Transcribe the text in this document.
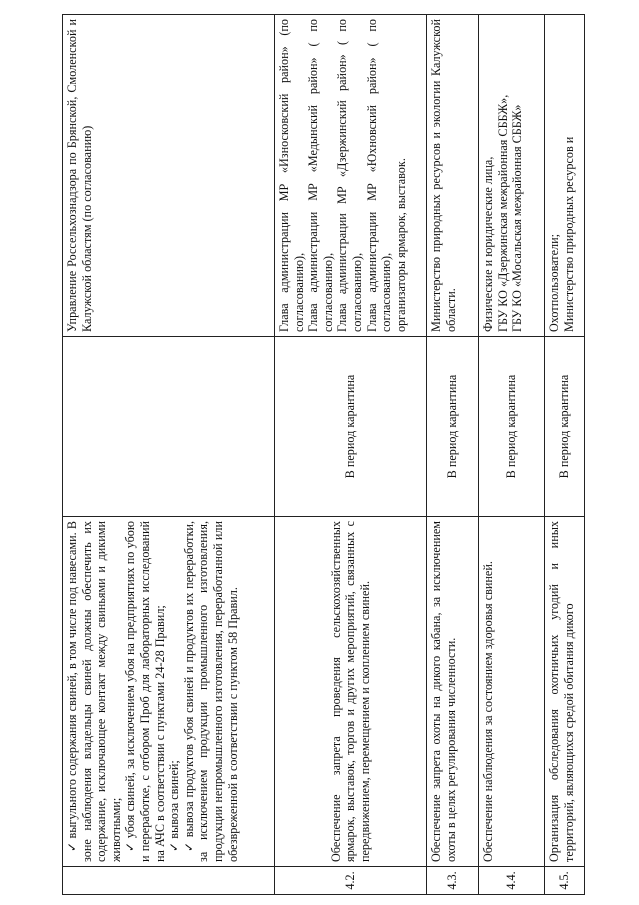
	✓ выгульного содержания свиней, в том числе под навесами. В зоне наблюдения владельцы свиней должны обеспечить их содержание, исключающее контакт между свиньями и дикими животными; ✓ убоя свиней, за исключением убоя на предприятиях по убою и переработке, с отбором Проб для лабораторных исследований на АЧС в соответствии с пунктами 24-28 Правил; ✓ вывоза свиней; ✓ вывоза продуктов убоя свиней и продуктов их переработки, за исключением продукции промышленного изготовления, продукции непромышленного изготовления, переработанной или обезвреженной в соответствии с пунктом 58 Правил.		Управление Россельхознадзора по Брянской, Смоленской и Калужской областям (по согласованию)
4.2.	Обеспечение запрета проведения сельскохозяйственных ярмарок, выставок, торгов и других мероприятий, связанных с передвижением, перемещением и скоплением свиней.	В период карантина	Глава администрации МР «Износковский район» (по согласованию), Глава администрации МР «Медынский район» ( по согласованию), Глава администрации МР «Дзержинский район» ( по согласованию), Глава администрации МР «Юхновский район» ( по согласованию), организаторы ярмарок, выставок.

4.3.	Обеспечение запрета охоты на дикого кабана, за исключением охоты в целях регулирования численности.	В период карантина	Министерство природных ресурсов и экологии Калужской области.

4.4.	Обеспечение наблюдения за состоянием здоровья свиней.	В период карантина	Физические и юридические лица, ГБУ КО «Дзержинская межрайонная СББЖ», ГБУ КО «Мосальская межрайонная СББЖ»

4.5.	Организация обследования охотничьих угодий и иных территорий, являющихся средой обитания дикого	В период карантина	Охотпользователи; Министерство природных ресурсов и
